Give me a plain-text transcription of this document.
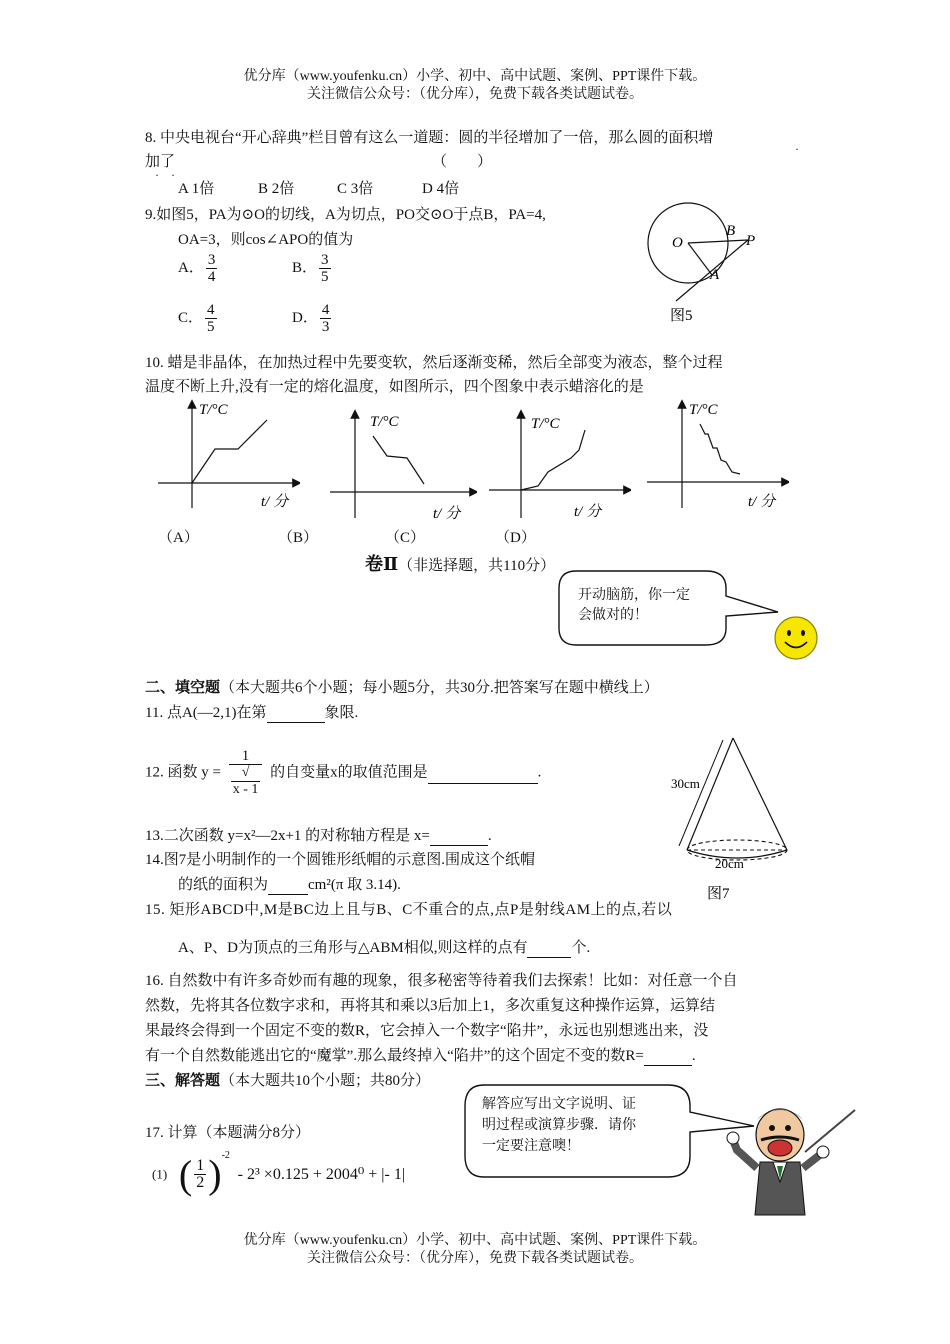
优分库（www.youfenku.cn）小学、初中、高中试题、案例、PPT课件下载。
关注微信公众号：（优分库），免费下载各类试题试卷。
8. 中央电视台“开心辞典”栏目曾有这么一道题：圆的半径增加了一倍，那么圆的面积增
加了	（　　）
·　·
·
A 1倍	B 2倍	C 3倍	D 4倍
9.如图5，PA为⊙O的切线，A为切点，PO交⊙O于点B，PA=4,
OA=3，则cos∠APO的值为
A． $\frac{3}{4}$	B． $\frac{3}{5}$
C． $\frac{4}{5}$	D． $\frac{4}{3}$
O
B
P
A
图5
10. 蜡是非晶体，在加热过程中先要变软，然后逐渐变稀，然后全部变为液态，整个过程
温度不断上升,没有一定的熔化温度，如图所示，四个图象中表示蜡溶化的是
T/°C
t/ 分
T/°C
t/ 分
T/°C
t/ 分
T/°C
t/ 分
（A）	（B）	（C）	（D）
卷Ⅱ（非选择题，共110分）
开动脑筋，你一定
会做对的！
二、填空题（本大题共6个小题；每小题5分，共30分.把答案写在题中横线上）
11. 点A(—2,1)在第	象限.
12. 函数 y = 1
√
x - 1 的自变量x的取值范围是	.
13.二次函数 y=x²—2x+1 的对称轴方程是 x=	.
14.图7是小明制作的一个圆锥形纸帽的示意图.围成这个纸帽
的纸的面积为	cm²(π 取 3.14).
30cm
20cm
图7
15. 矩形ABCD中,M是BC边上且与B、C不重合的点,点P是射线AM上的点,若以
A、P、D为顶点的三角形与△ABM相似,则这样的点有	个.
16. 自然数中有许多奇妙而有趣的现象，很多秘密等待着我们去探索！比如：对任意一个自
然数，先将其各位数字求和，再将其和乘以3后加上1，多次重复这种操作运算，运算结
果最终会得到一个固定不变的数R，它会掉入一个数字“陷井”，永远也别想逃出来，没
有一个自然数能逃出它的“魔掌”.那么最终掉入“陷井”的这个固定不变的数R=	.
三、解答题（本大题共10个小题；共80分）
解答应写出文字说明、证
明过程或演算步骤．请你
一定要注意噢！
17. 计算（本题满分8分）
(1) ( $\frac{1}{2} )^{-2} - 2^3 \times 0.125 + 2004^0$ + |- 1|
优分库（www.youfenku.cn）小学、初中、高中试题、案例、PPT课件下载。
关注微信公众号：（优分库），免费下载各类试题试卷。
